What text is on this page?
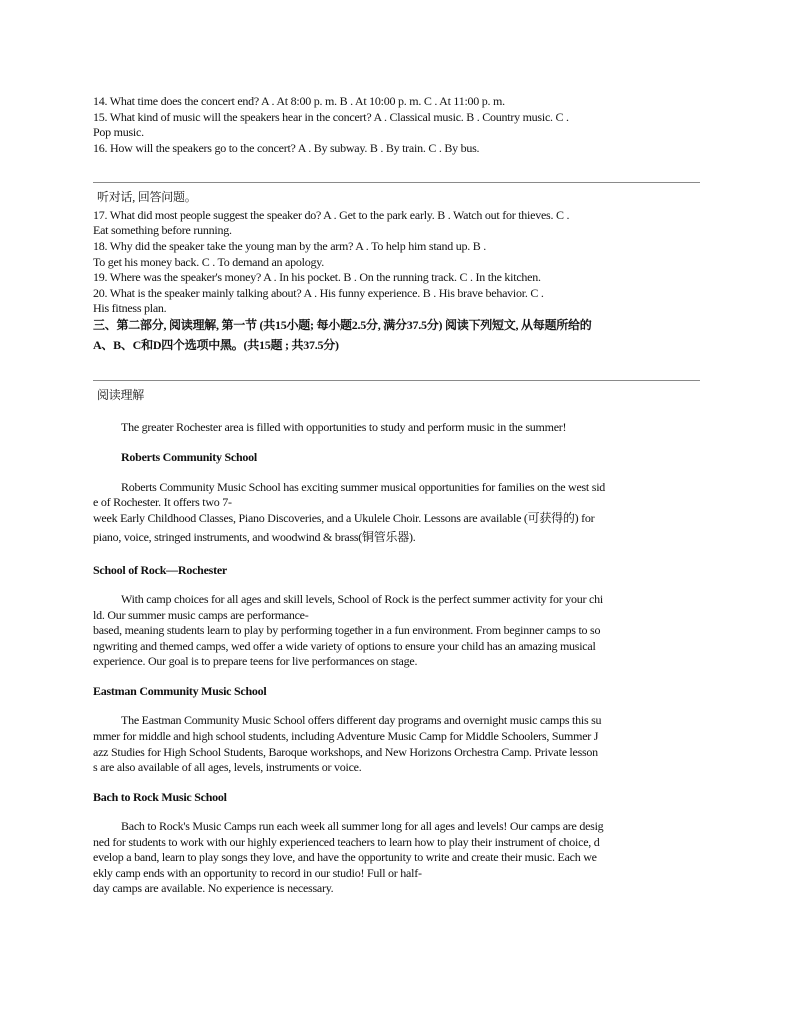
14. What time does the concert end? A . At 8:00 p. m. B . At 10:00 p. m. C . At 11:00 p. m.
15. What kind of music will the speakers hear in the concert? A . Classical music. B . Country music. C .
Pop music.
16. How will the speakers go to the concert? A . By subway. B . By train. C . By bus.
听对话, 回答问题。
17. What did most people suggest the speaker do? A . Get to the park early. B . Watch out for thieves. C .
Eat something before running.
18. Why did the speaker take the young man by the arm? A . To help him stand up. B .
To get his money back. C . To demand an apology.
19. Where was the speaker's money? A . In his pocket. B . On the running track. C . In the kitchen.
20. What is the speaker mainly talking about? A . His funny experience. B . His brave behavior. C .
His fitness plan.
三、第二部分, 阅读理解, 第一节 (共15小题; 每小题2.5分, 满分37.5分) 阅读下列短文, 从每题所给的
A、B、C和D四个选项中黑。(共15题 ; 共37.5分)
阅读理解
The greater Rochester area is filled with opportunities to study and perform music in the summer!
Roberts Community School
Roberts Community Music School has exciting summer musical opportunities for families on the west sid
e of Rochester. It offers two 7-
week Early Childhood Classes, Piano Discoveries, and a Ukulele Choir. Lessons are available (可获得的) for
piano, voice, stringed instruments, and woodwind & brass(铜管乐器).
School of Rock—Rochester
With camp choices for all ages and skill levels, School of Rock is the perfect summer activity for your chi
ld. Our summer music camps are performance-
based, meaning students learn to play by performing together in a fun environment. From beginner camps to so
ngwriting and themed camps, wed offer a wide variety of options to ensure your child has an amazing musical
experience. Our goal is to prepare teens for live performances on stage.
Eastman Community Music School
The Eastman Community Music School offers different day programs and overnight music camps this su
mmer for middle and high school students, including Adventure Music Camp for Middle Schoolers, Summer J
azz Studies for High School Students, Baroque workshops, and New Horizons Orchestra Camp. Private lesson
s are also available of all ages, levels, instruments or voice.
Bach to Rock Music School
Bach to Rock's Music Camps run each week all summer long for all ages and levels! Our camps are desig
ned for students to work with our highly experienced teachers to learn how to play their instrument of choice, d
evelop a band, learn to play songs they love, and have the opportunity to write and create their music. Each we
ekly camp ends with an opportunity to record in our studio! Full or half-
day camps are available. No experience is necessary.
